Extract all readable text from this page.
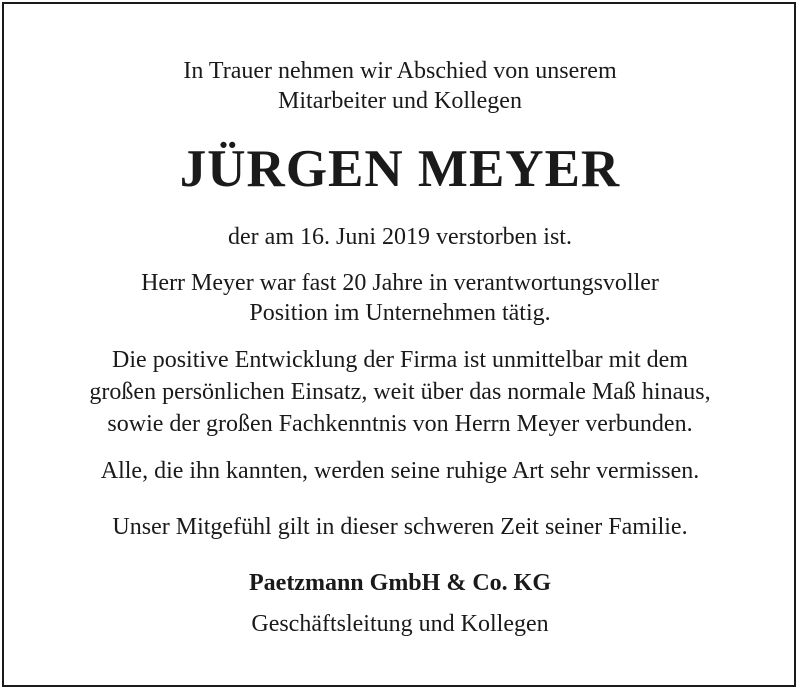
In Trauer nehmen wir Abschied von unserem
Mitarbeiter und Kollegen
JÜRGEN MEYER
der am 16. Juni 2019 verstorben ist.
Herr Meyer war fast 20 Jahre in verantwortungsvoller
Position im Unternehmen tätig.
Die positive Entwicklung der Firma ist unmittelbar mit dem
großen persönlichen Einsatz, weit über das normale Maß hinaus,
sowie der großen Fachkenntnis von Herrn Meyer verbunden.
Alle, die ihn kannten, werden seine ruhige Art sehr vermissen.
Unser Mitgefühl gilt in dieser schweren Zeit seiner Familie.
Paetzmann GmbH & Co. KG
Geschäftsleitung und Kollegen
